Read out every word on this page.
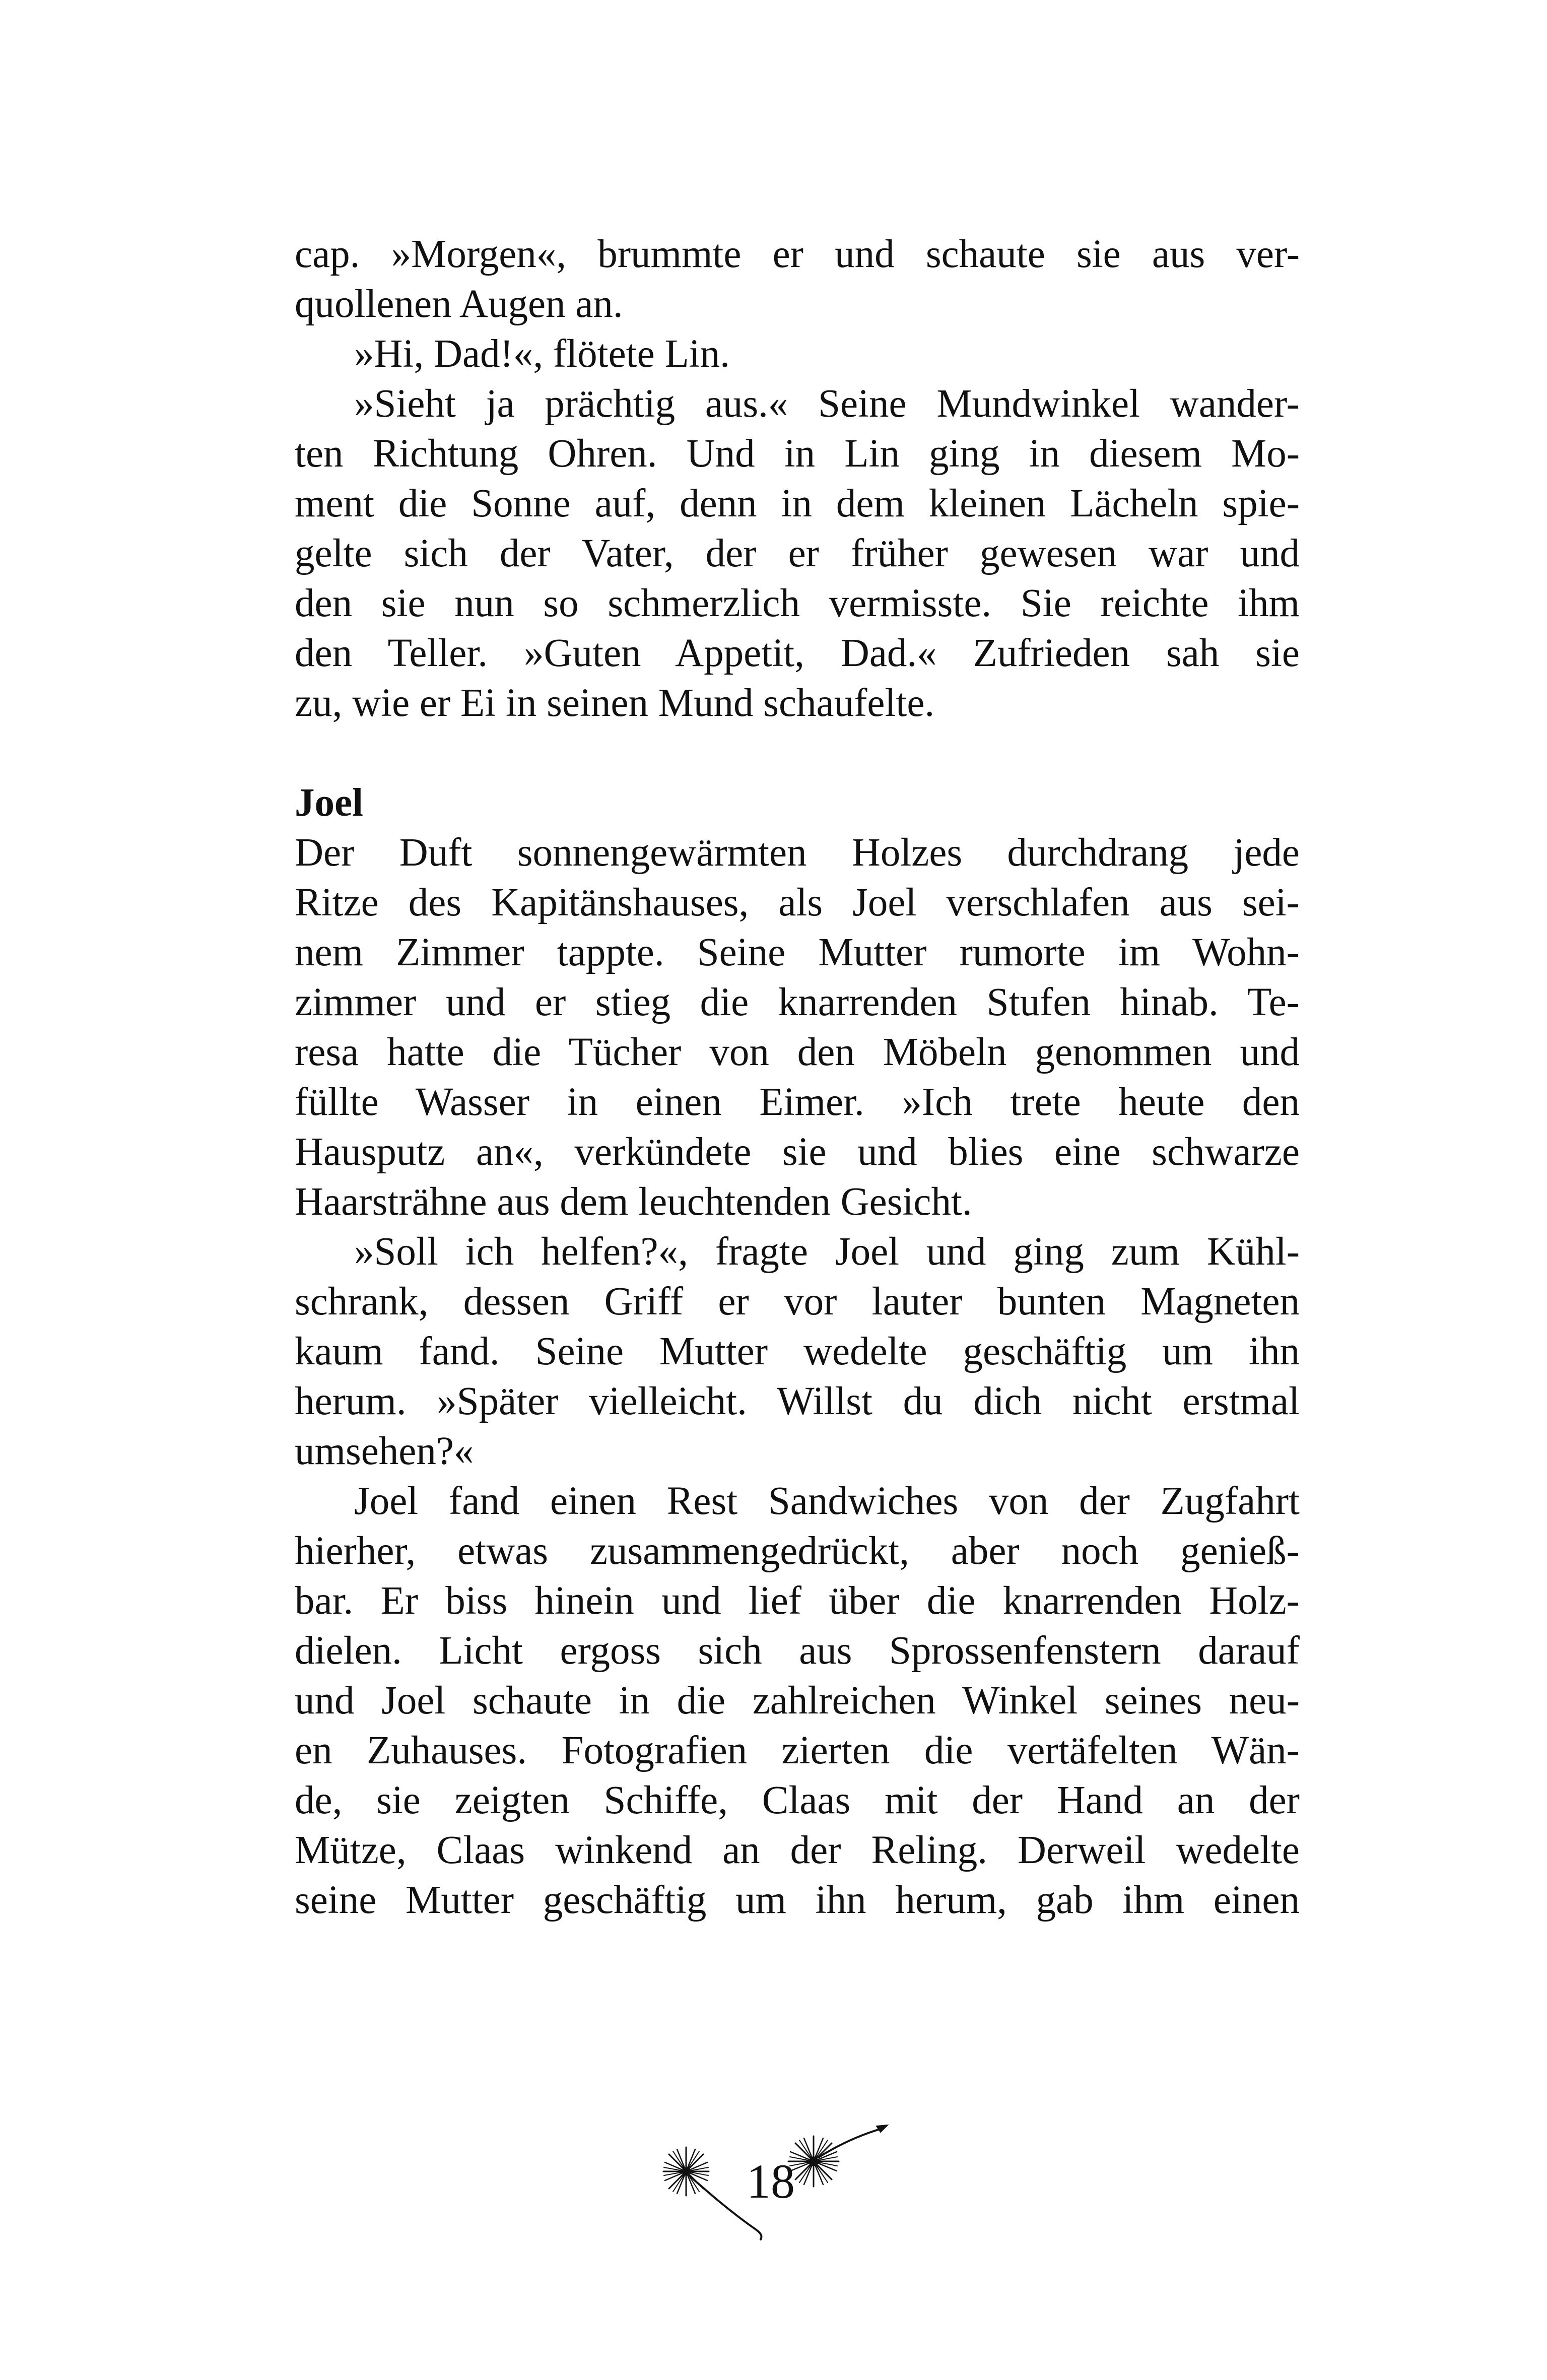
cap. »Morgen«, brummte er und schaute sie aus ver-
quollenen Augen an.
»Hi, Dad!«, flötete Lin.
»Sieht ja prächtig aus.« Seine Mundwinkel wander-
ten Richtung Ohren. Und in Lin ging in diesem Mo-
ment die Sonne auf, denn in dem kleinen Lächeln spie-
gelte sich der Vater, der er früher gewesen war und
den sie nun so schmerzlich vermisste. Sie reichte ihm
den Teller. »Guten Appetit, Dad.« Zufrieden sah sie
zu, wie er Ei in seinen Mund schaufelte.
Joel
Der Duft sonnengewärmten Holzes durchdrang jede
Ritze des Kapitänshauses, als Joel verschlafen aus sei-
nem Zimmer tappte. Seine Mutter rumorte im Wohn-
zimmer und er stieg die knarrenden Stufen hinab. Te-
resa hatte die Tücher von den Möbeln genommen und
füllte Wasser in einen Eimer. »Ich trete heute den
Hausputz an«, verkündete sie und blies eine schwarze
Haarsträhne aus dem leuchtenden Gesicht.
»Soll ich helfen?«, fragte Joel und ging zum Kühl-
schrank, dessen Griff er vor lauter bunten Magneten
kaum fand. Seine Mutter wedelte geschäftig um ihn
herum. »Später vielleicht. Willst du dich nicht erstmal
umsehen?«
Joel fand einen Rest Sandwiches von der Zugfahrt
hierher, etwas zusammengedrückt, aber noch genieß-
bar. Er biss hinein und lief über die knarrenden Holz-
dielen. Licht ergoss sich aus Sprossenfenstern darauf
und Joel schaute in die zahlreichen Winkel seines neu-
en Zuhauses. Fotografien zierten die vertäfelten Wän-
de, sie zeigten Schiffe, Claas mit der Hand an der
Mütze, Claas winkend an der Reling. Derweil wedelte
seine Mutter geschäftig um ihn herum, gab ihm einen
18
